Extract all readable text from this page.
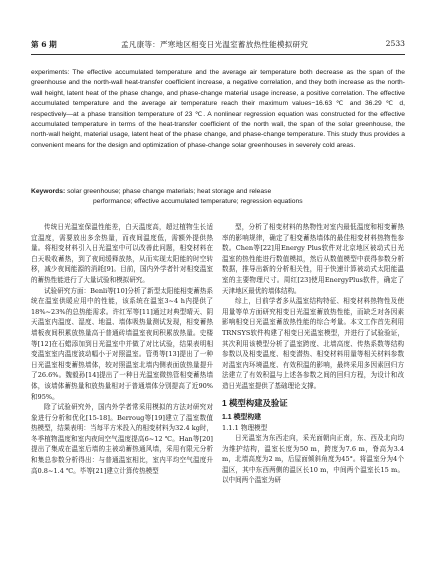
第 6 期	孟凡康等：严寒地区相变日光温室蓄放热性能模拟研究	2533
experiments: The effective accumulated temperature and the average air temperature both decrease as the span of the greenhouse and the north-wall heat-transfer coefficient increase, a negative correlation, and they both increase as the north-wall height, latent heat of the phase change, and phase-change material usage increase, a positive correlation. The effective accumulated temperature and the average air temperature reach their maximum values−16.63 ℃ and 36.29 ℃ d, respectively—at a phase transition temperature of 23 ℃. A nonlinear regression equation was constructed for the effective accumulated temperature in terms of the heat-transfer coefficient of the north wall, the span of the solar greenhouse, the north-wall height, material usage, latent heat of the phase change, and phase-change temperature. This study thus provides a convenient means for the design and optimization of phase-change solar greenhouses in severely cold areas.
Keywords: solar greenhouse; phase change materials; heat storage and release
performance; effective accumulated temperature; regression equations

传统日光温室保温性能差，白天温度高，超过植物生长适宜温度，需要放出多余热量，而夜间温度低，需额外提供热量。将相变材料引入日光温室中可以改善此问题，相变材料在白天吸收蓄热，到了夜间缓释放热，从而实现太阳能的时空转移，减少夜间能源的消耗[9]。目前，国内外学者针对相变温室的蓄热性能进行了大量试验和模拟研究。

试验研究方面：Benli等[10]分析了新型太阳能相变蓄热系统在温室供暖应用中的性能，该系统在温室3~4 h内提供了18%~23%的总热能需求。许红军等[11]通过对典型晴天、阴天温室内温度、湿度、地温、墙体吸热量测试发现，相变蓄热墙板夜间积累放热量高于普通砖墙温室夜间积累放热量。史楼等[12]在石蜡添加到日光温室中并做了对比试验，结果表明相变温室室内温度波动幅小于对照温室。管勇等[13]提出了一种日光温室相变蓄热墙体，较对照温室北墙内侧表面放热量提升了26.6%。魏毅孙[14]提出了一种日光温室微热管相变蓄热墙体，该墙体蓄热量和放热量相对于普通墙体分别提高了近90%和95%。

除了试验研究外，国内外学者常采用模拟的方法对研究对象进行分析和优化[15-18]。Berroug等[19]建立了温室数值热模型，结果表明：当每平方米投入的相变材料为32.4 kg时，冬季植物温度和室内夜间空气温度提高6~12 ℃。Han等[20]提出了集成在温室后墙的主被动蓄热通风墙，采用有限元分析和集总参数分析得出：与普通温室相比，室内平均空气温度升高0.8~1.4 ℃。毕等[21]建立计算传热模型

型，分析了相变材料的热物性对室内最低温度和相变蓄热率的影响规律，确定了相变蓄热墙体的最佳相变材料热物性参数。Chen等[22]用Energy Plus软件对北京地区被动式日光温室的热性能进行数值模拟，然后从数值模型中获得参数分析数据，推导出新的分析相关性，用于快速计算被动式太阳能温室的主要物理尺寸。周红[23]使用EnergyPlus软件，确定了天津地区最优的墙体结构。

综上，目前学者多从温室结构特征、相变材料热物性及使用量等单方面研究相变日光温室蓄放热性能，而缺乏对各因素影响相变日光温室蓄放热性能的综合考量。本文工作首先利用TRNSYS软件构建了相变日光温室模型，并进行了试验验证，其次利用该模型分析了温室跨度、北墙高度、传热系数等结构参数以及相变温度、相变潜热、相变材料用量等相关材料参数对温室内环境温度、有效积温的影响，最终采用多因素回归方法建立了有效积温与上述各参数之间的回归方程，为设计和改造日光温室提供了基础理论支撑。

1 模型构建及验证
1.1 模型构建
1.1.1 物理模型

日光温室为东西走向，采光面朝向正南，东、西及北向均为维护结构，温室长度为50 m，跨度为7.6 m，脊高为3.4 m，北墙高度为2 m，后屋面倾斜角度为45°。将温室分为4个温区，其中东西两侧的温区长10 m，中间两个温室长15 m。以中间两个温室为研
